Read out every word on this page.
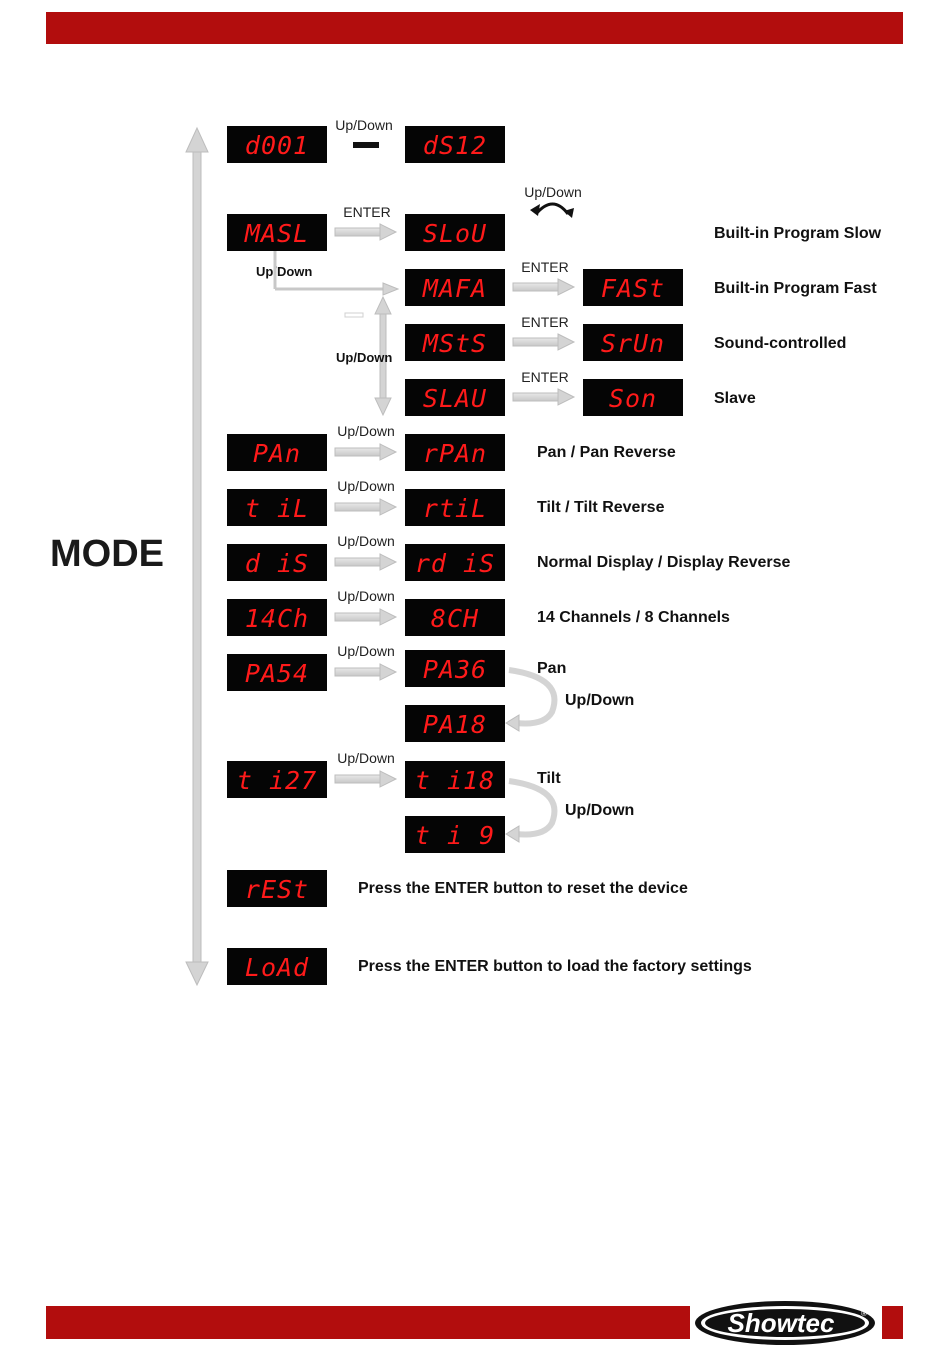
Showtec	®
MODE
d001
Up/Down
dS12
Up/Down
MASL
ENTER
SLoU	Built-in Program Slow
Up/Down
MAFA
ENTER
FASt	Built-in Program Fast
Up/Down MStS
ENTER
SrUn	Sound-controlled
SLAU
ENTER
Son	Slave
PAn
Up/Down
rPAn	Pan / Pan Reverse
t iL
Up/Down
rtiL	Tilt / Tilt Reverse
d iS
Up/Down
rd iS	Normal Display / Display Reverse
14Ch
Up/Down
8CH	14 Channels / 8 Channels
PA54
Up/Down
PA36
PA18
Pan
Up/Down
t i27
Up/Down
t i18
t i 9
Tilt
Up/Down
rESt	Press the ENTER button to reset the device
LoAd	Press the ENTER button to load the factory settings
